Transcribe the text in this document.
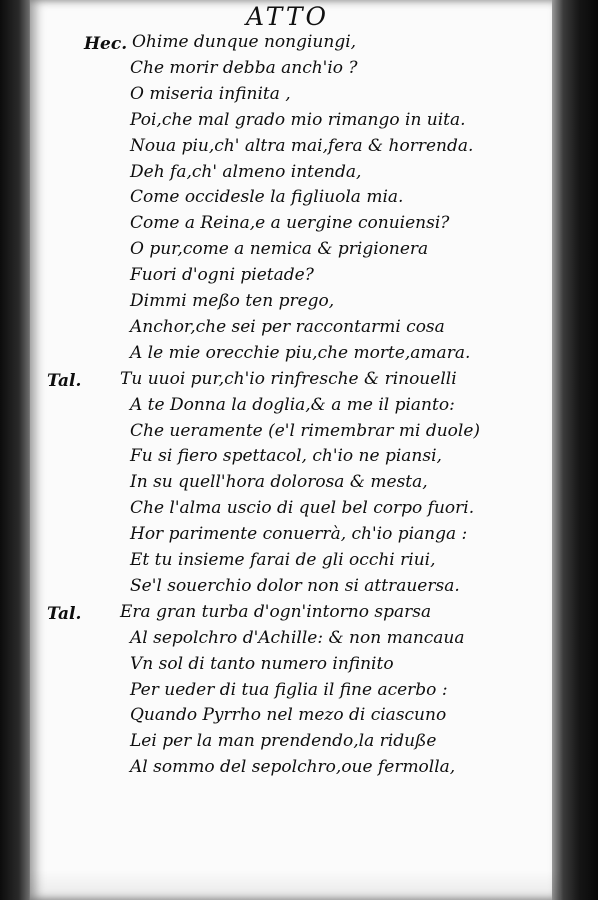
ATTO
Hec. Ohime dunque nongiungi,
Che morir debba anch'io ?
O miseria infinita ,
Poi,che mal grado mio rimango in uita.
Noua piu,ch' altra mai,fera & horrenda.
Deh fa,ch' almeno intenda,
Come occidesle la figliuola mia.
Come a Reina,e a uergine conuiensi?
O pur,come a nemica & prigionera
Fuori d'ogni pietade?
Dimmi meßo ten prego,
Anchor,che sei per raccontarmi cosa
A le mie orecchie piu,che morte,amara.
Tal. Tu uuoi pur,ch'io rinfresche & rinouelli
A te Donna la doglia,& a me il pianto:
Che ueramente (e'l rimembrar mi duole)
Fu si fiero spettacol, ch'io ne piansi,
In su quell'hora dolorosa & mesta,
Che l'alma uscio di quel bel corpo fuori.
Hor parimente conuerrà, ch'io pianga :
Et tu insieme farai de gli occhi riui,
Se'l souerchio dolor non si attrauersa.
Tal. Era gran turba d'ogn'intorno sparsa
Al sepolchro d'Achille: & non mancaua
Vn sol di tanto numero infinito
Per ueder di tua figlia il fine acerbo :
Quando Pyrrho nel mezo di ciascuno
Lei per la man prendendo,la riduße
Al sommo del sepolchro,oue fermolla,
